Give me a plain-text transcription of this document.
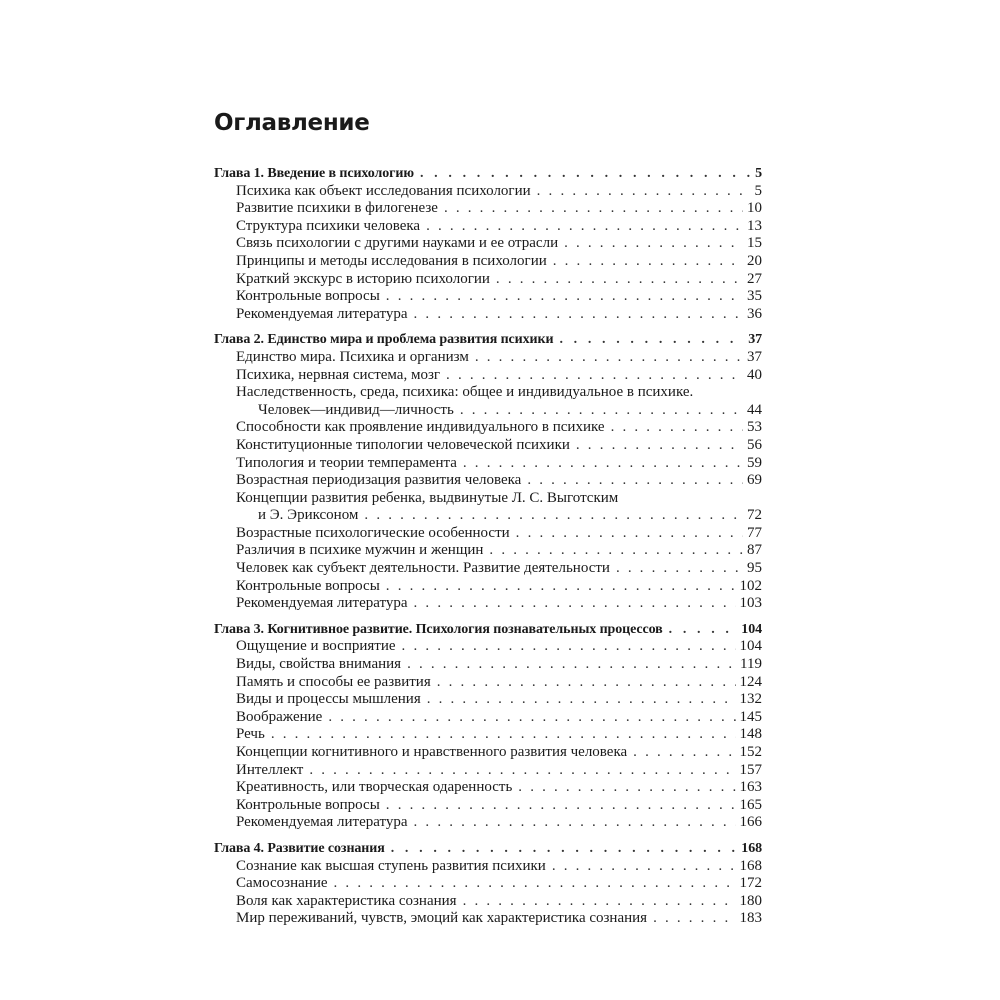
Оглавление
Глава 1. Введение в психологию . . .	5
Психика как объект исследования психологии . . .	5
Развитие психики в филогенезе . . .	10
Структура психики человека . . .	13
Связь психологии с другими науками и ее отрасли . . .	15
Принципы и методы исследования в психологии . . .	20
Краткий экскурс в историю психологии . . .	27
Контрольные вопросы . . .	35
Рекомендуемая литература . . .	36
Глава 2. Единство мира и проблема развития психики . . .	37
Единство мира. Психика и организм . . .	37
Психика, нервная система, мозг . . .	40
Наследственность, среда, психика: общее и индивидуальное в психике.
Человек—индивид—личность . . .	44
Способности как проявление индивидуального в психике . . .	53
Конституционные типологии человеческой психики . . .	56
Типология и теории темперамента . . .	59
Возрастная периодизация развития человека . . .	69
Концепции развития ребенка, выдвинутые Л. С. Выготским
и Э. Эриксоном . . .	72
Возрастные психологические особенности . . .	77
Различия в психике мужчин и женщин . . .	87
Человек как субъект деятельности. Развитие деятельности . . .	95
Контрольные вопросы . . .	102
Рекомендуемая литература . . .	103
Глава 3. Когнитивное развитие. Психология познавательных процессов . . .	104
Ощущение и восприятие . . .	104
Виды, свойства внимания . . .	119
Память и способы ее развития . . .	124
Виды и процессы мышления . . .	132
Воображение . . .	145
Речь . . .	148
Концепции когнитивного и нравственного развития человека . . .	152
Интеллект . . .	157
Креативность, или творческая одаренность . . .	163
Контрольные вопросы . . .	165
Рекомендуемая литература . . .	166
Глава 4. Развитие сознания . . .	168
Сознание как высшая ступень развития психики . . .	168
Самосознание . . .	172
Воля как характеристика сознания . . .	180
Мир переживаний, чувств, эмоций как характеристика сознания . . .	183
